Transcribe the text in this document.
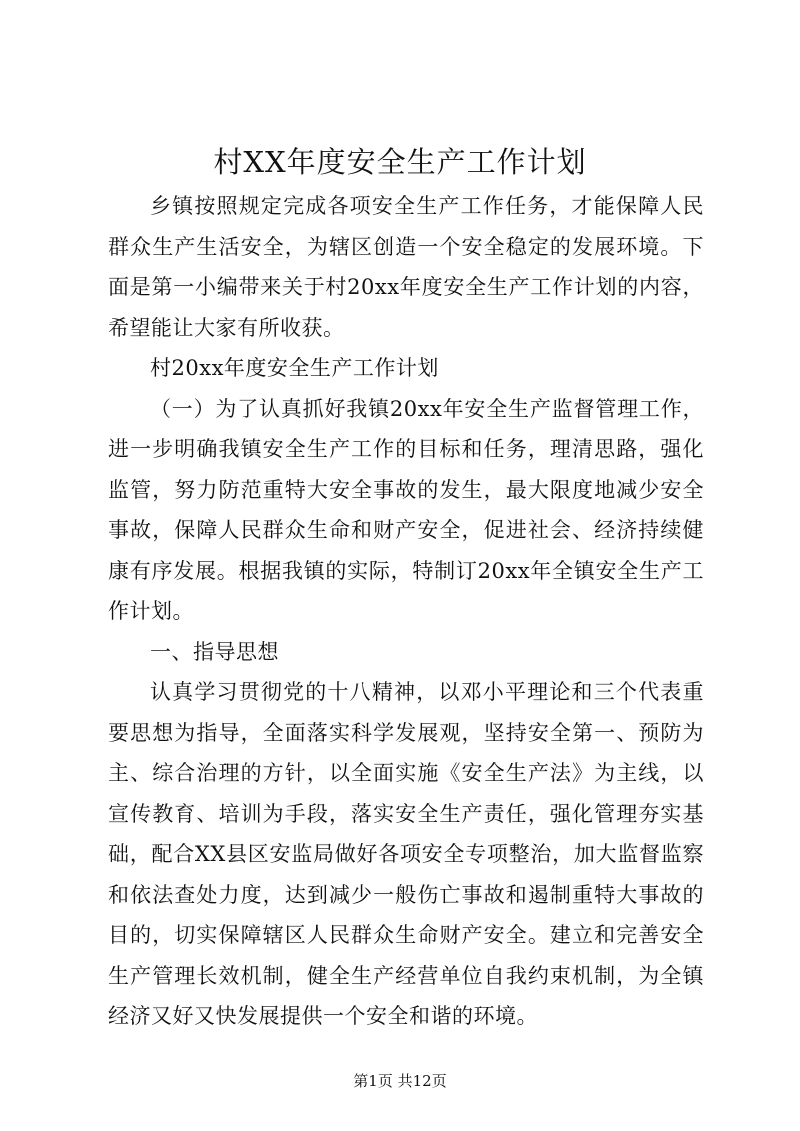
村XX年度安全生产工作计划

乡镇按照规定完成各项安全生产工作任务，才能保障人民群众生产生活安全，为辖区创造一个安全稳定的发展环境。下面是第一小编带来关于村20xx年度安全生产工作计划的内容，希望能让大家有所收获。

村20xx年度安全生产工作计划

（一）为了认真抓好我镇20xx年安全生产监督管理工作，进一步明确我镇安全生产工作的目标和任务，理清思路，强化监管，努力防范重特大安全事故的发生，最大限度地减少安全事故，保障人民群众生命和财产安全，促进社会、经济持续健康有序发展。根据我镇的实际，特制订20xx年全镇安全生产工作计划。

一、指导思想

认真学习贯彻党的十八精神，以邓小平理论和三个代表重要思想为指导，全面落实科学发展观，坚持安全第一、预防为主、综合治理的方针，以全面实施《安全生产法》为主线，以宣传教育、培训为手段，落实安全生产责任，强化管理夯实基础，配合XX县区安监局做好各项安全专项整治，加大监督监察和依法查处力度，达到减少一般伤亡事故和遏制重特大事故的目的，切实保障辖区人民群众生命财产安全。建立和完善安全生产管理长效机制，健全生产经营单位自我约束机制，为全镇经济又好又快发展提供一个安全和谐的环境。

第1页 共12页
